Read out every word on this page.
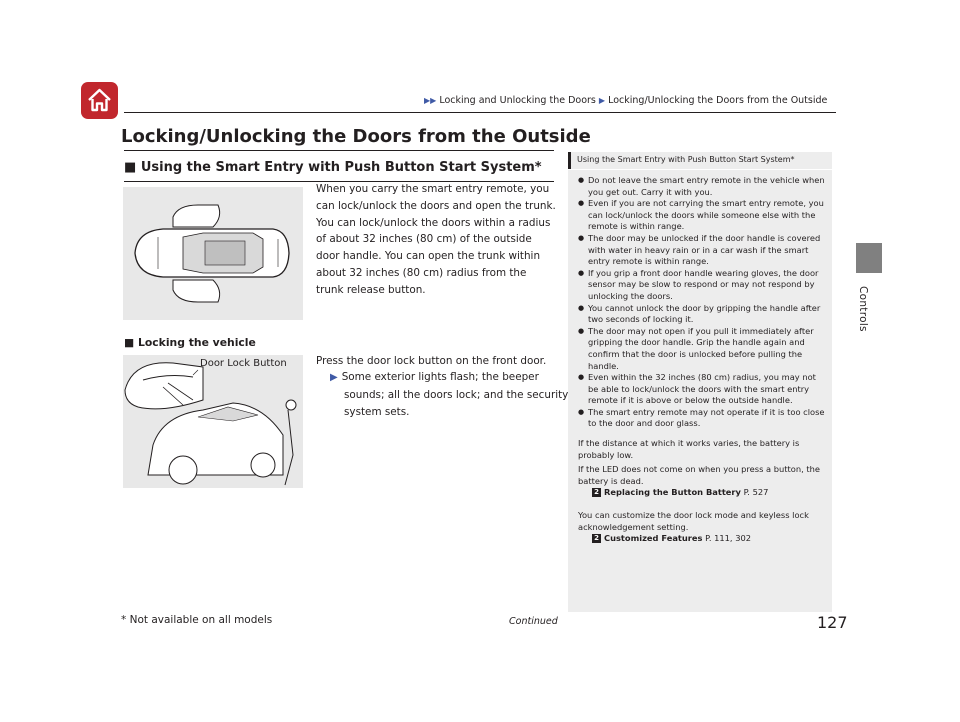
▶▶ Locking and Unlocking the Doors ▶ Locking/Unlocking the Doors from the Outside
Controls
Locking/Unlocking the Doors from the Outside
■ Using the Smart Entry with Push Button Start System*
When you carry the smart entry remote, you can lock/unlock the doors and open the trunk. You can lock/unlock the doors within a radius of about 32 inches (80 cm) of the outside door handle. You can open the trunk within about 32 inches (80 cm) radius from the trunk release button.
■ Locking the vehicle
Door Lock Button	Press the door lock button on the front door.
▶ Some exterior lights flash; the beeper sounds; all the doors lock; and the security system sets.
Using the Smart Entry with Push Button Start System*
● Do not leave the smart entry remote in the vehicle when you get out. Carry it with you.
● Even if you are not carrying the smart entry remote, you can lock/unlock the doors while someone else with the remote is within range.
● The door may be unlocked if the door handle is covered with water in heavy rain or in a car wash if the smart entry remote is within range.
● If you grip a front door handle wearing gloves, the door sensor may be slow to respond or may not respond by unlocking the doors.
● You cannot unlock the door by gripping the handle after two seconds of locking it.
● The door may not open if you pull it immediately after gripping the door handle. Grip the handle again and confirm that the door is unlocked before pulling the handle.
● Even within the 32 inches (80 cm) radius, you may not be able to lock/unlock the doors with the smart entry remote if it is above or below the outside handle.
● The smart entry remote may not operate if it is too close to the door and door glass.

If the distance at which it works varies, the battery is probably low.

If the LED does not come on when you press a button, the battery is dead.

2 Replacing the Button Battery P. 527

You can customize the door lock mode and keyless lock acknowledgement setting.

2 Customized Features P. 111, 302

* Not available on all models	Continued	127
